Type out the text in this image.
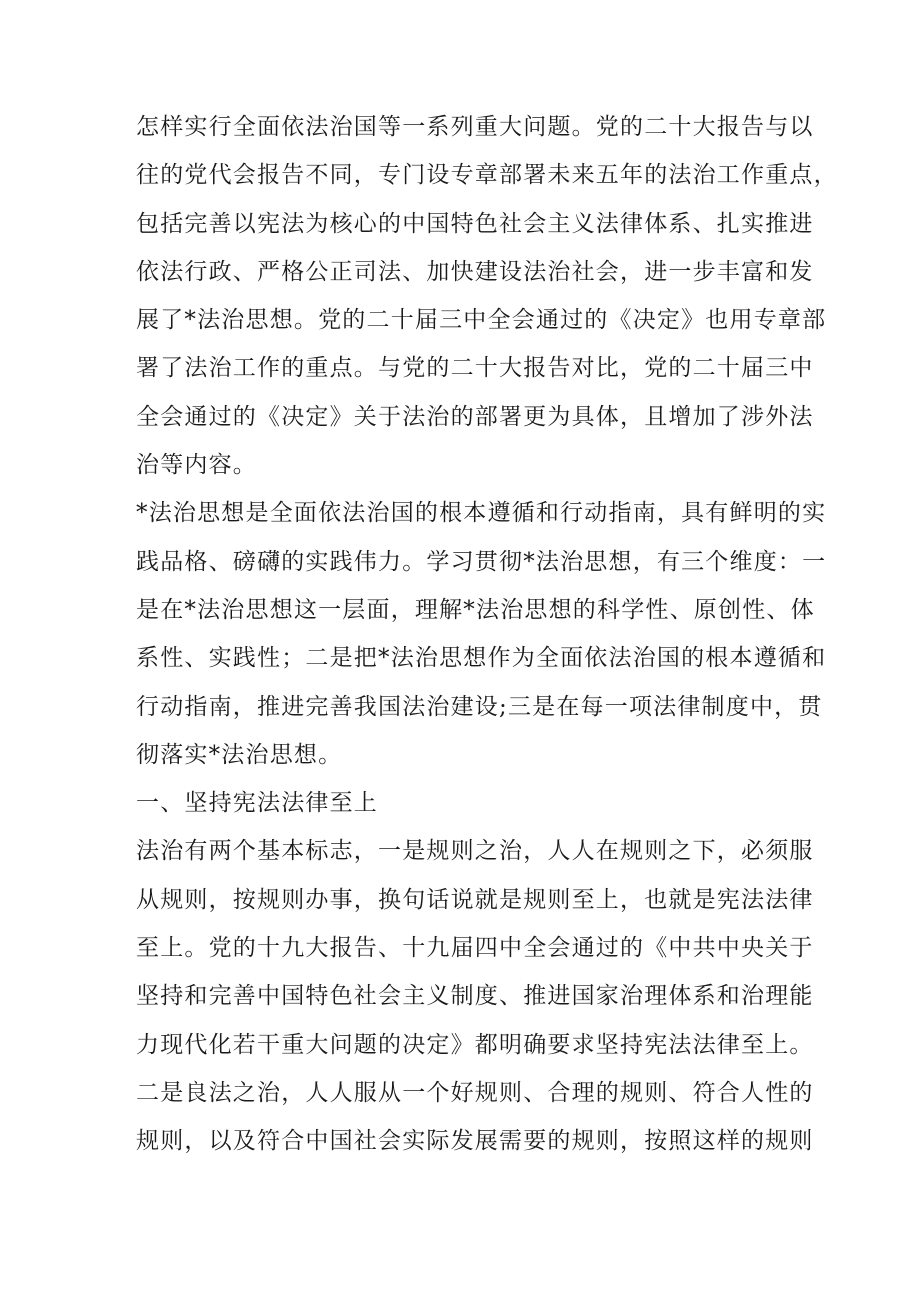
怎样实行全面依法治国等一系列重大问题。党的二十大报告与以
往的党代会报告不同，专门设专章部署未来五年的法治工作重点，
包括完善以宪法为核心的中国特色社会主义法律体系、扎实推进
依法行政、严格公正司法、加快建设法治社会，进一步丰富和发
展了*法治思想。党的二十届三中全会通过的《决定》也用专章部
署了法治工作的重点。与党的二十大报告对比，党的二十届三中
全会通过的《决定》关于法治的部署更为具体，且增加了涉外法
治等内容。
*法治思想是全面依法治国的根本遵循和行动指南，具有鲜明的实
践品格、磅礴的实践伟力。学习贯彻*法治思想，有三个维度：一
是在*法治思想这一层面，理解*法治思想的科学性、原创性、体
系性、实践性；二是把*法治思想作为全面依法治国的根本遵循和
行动指南，推进完善我国法治建设;三是在每一项法律制度中，贯
彻落实*法治思想。
一、坚持宪法法律至上
法治有两个基本标志，一是规则之治，人人在规则之下，必须服
从规则，按规则办事，换句话说就是规则至上，也就是宪法法律
至上。党的十九大报告、十九届四中全会通过的《中共中央关于
坚持和完善中国特色社会主义制度、推进国家治理体系和治理能
力现代化若干重大问题的决定》都明确要求坚持宪法法律至上。
二是良法之治，人人服从一个好规则、合理的规则、符合人性的
规则，以及符合中国社会实际发展需要的规则，按照这样的规则
